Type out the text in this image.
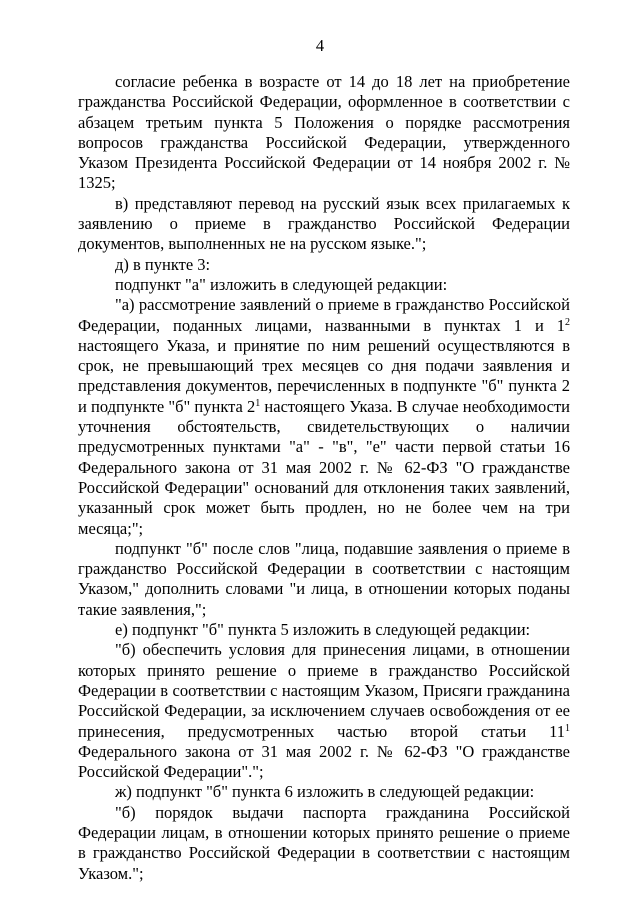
4

согласие ребенка в возрасте от 14 до 18 лет на приобретение гражданства Российской Федерации, оформленное в соответствии с абзацем третьим пункта 5 Положения о порядке рассмотрения вопросов гражданства Российской Федерации, утвержденного Указом Президента Российской Федерации от 14 ноября 2002 г. № 1325;

в) представляют перевод на русский язык всех прилагаемых к заявлению о приеме в гражданство Российской Федерации документов, выполненных не на русском языке.";

д) в пункте 3:

подпункт "а" изложить в следующей редакции:

"а) рассмотрение заявлений о приеме в гражданство Российской Федерации, поданных лицами, названными в пунктах 1 и $1^2$ настоящего Указа, и принятие по ним решений осуществляются в срок, не превышающий трех месяцев со дня подачи заявления и представления документов, перечисленных в подпункте "б" пункта 2 и подпункте "б" пункта $2^1$ настоящего Указа. В случае необходимости уточнения обстоятельств, свидетельствующих о наличии предусмотренных пунктами "а" - "в", "е" части первой статьи 16 Федерального закона от 31 мая 2002 г. № 62-ФЗ "О гражданстве Российской Федерации" оснований для отклонения таких заявлений, указанный срок может быть продлен, но не более чем на три месяца;";

подпункт "б" после слов "лица, подавшие заявления о приеме в гражданство Российской Федерации в соответствии с настоящим Указом," дополнить словами "и лица, в отношении которых поданы такие заявления,";

е) подпункт "б" пункта 5 изложить в следующей редакции:

"б) обеспечить условия для принесения лицами, в отношении которых принято решение о приеме в гражданство Российской Федерации в соответствии с настоящим Указом, Присяги гражданина Российской Федерации, за исключением случаев освобождения от ее принесения, предусмотренных частью второй статьи $11^1$ Федерального закона от 31 мая 2002 г. № 62-ФЗ "О гражданстве Российской Федерации".";

ж) подпункт "б" пункта 6 изложить в следующей редакции:

"б) порядок выдачи паспорта гражданина Российской Федерации лицам, в отношении которых принято решение о приеме в гражданство Российской Федерации в соответствии с настоящим Указом.";
